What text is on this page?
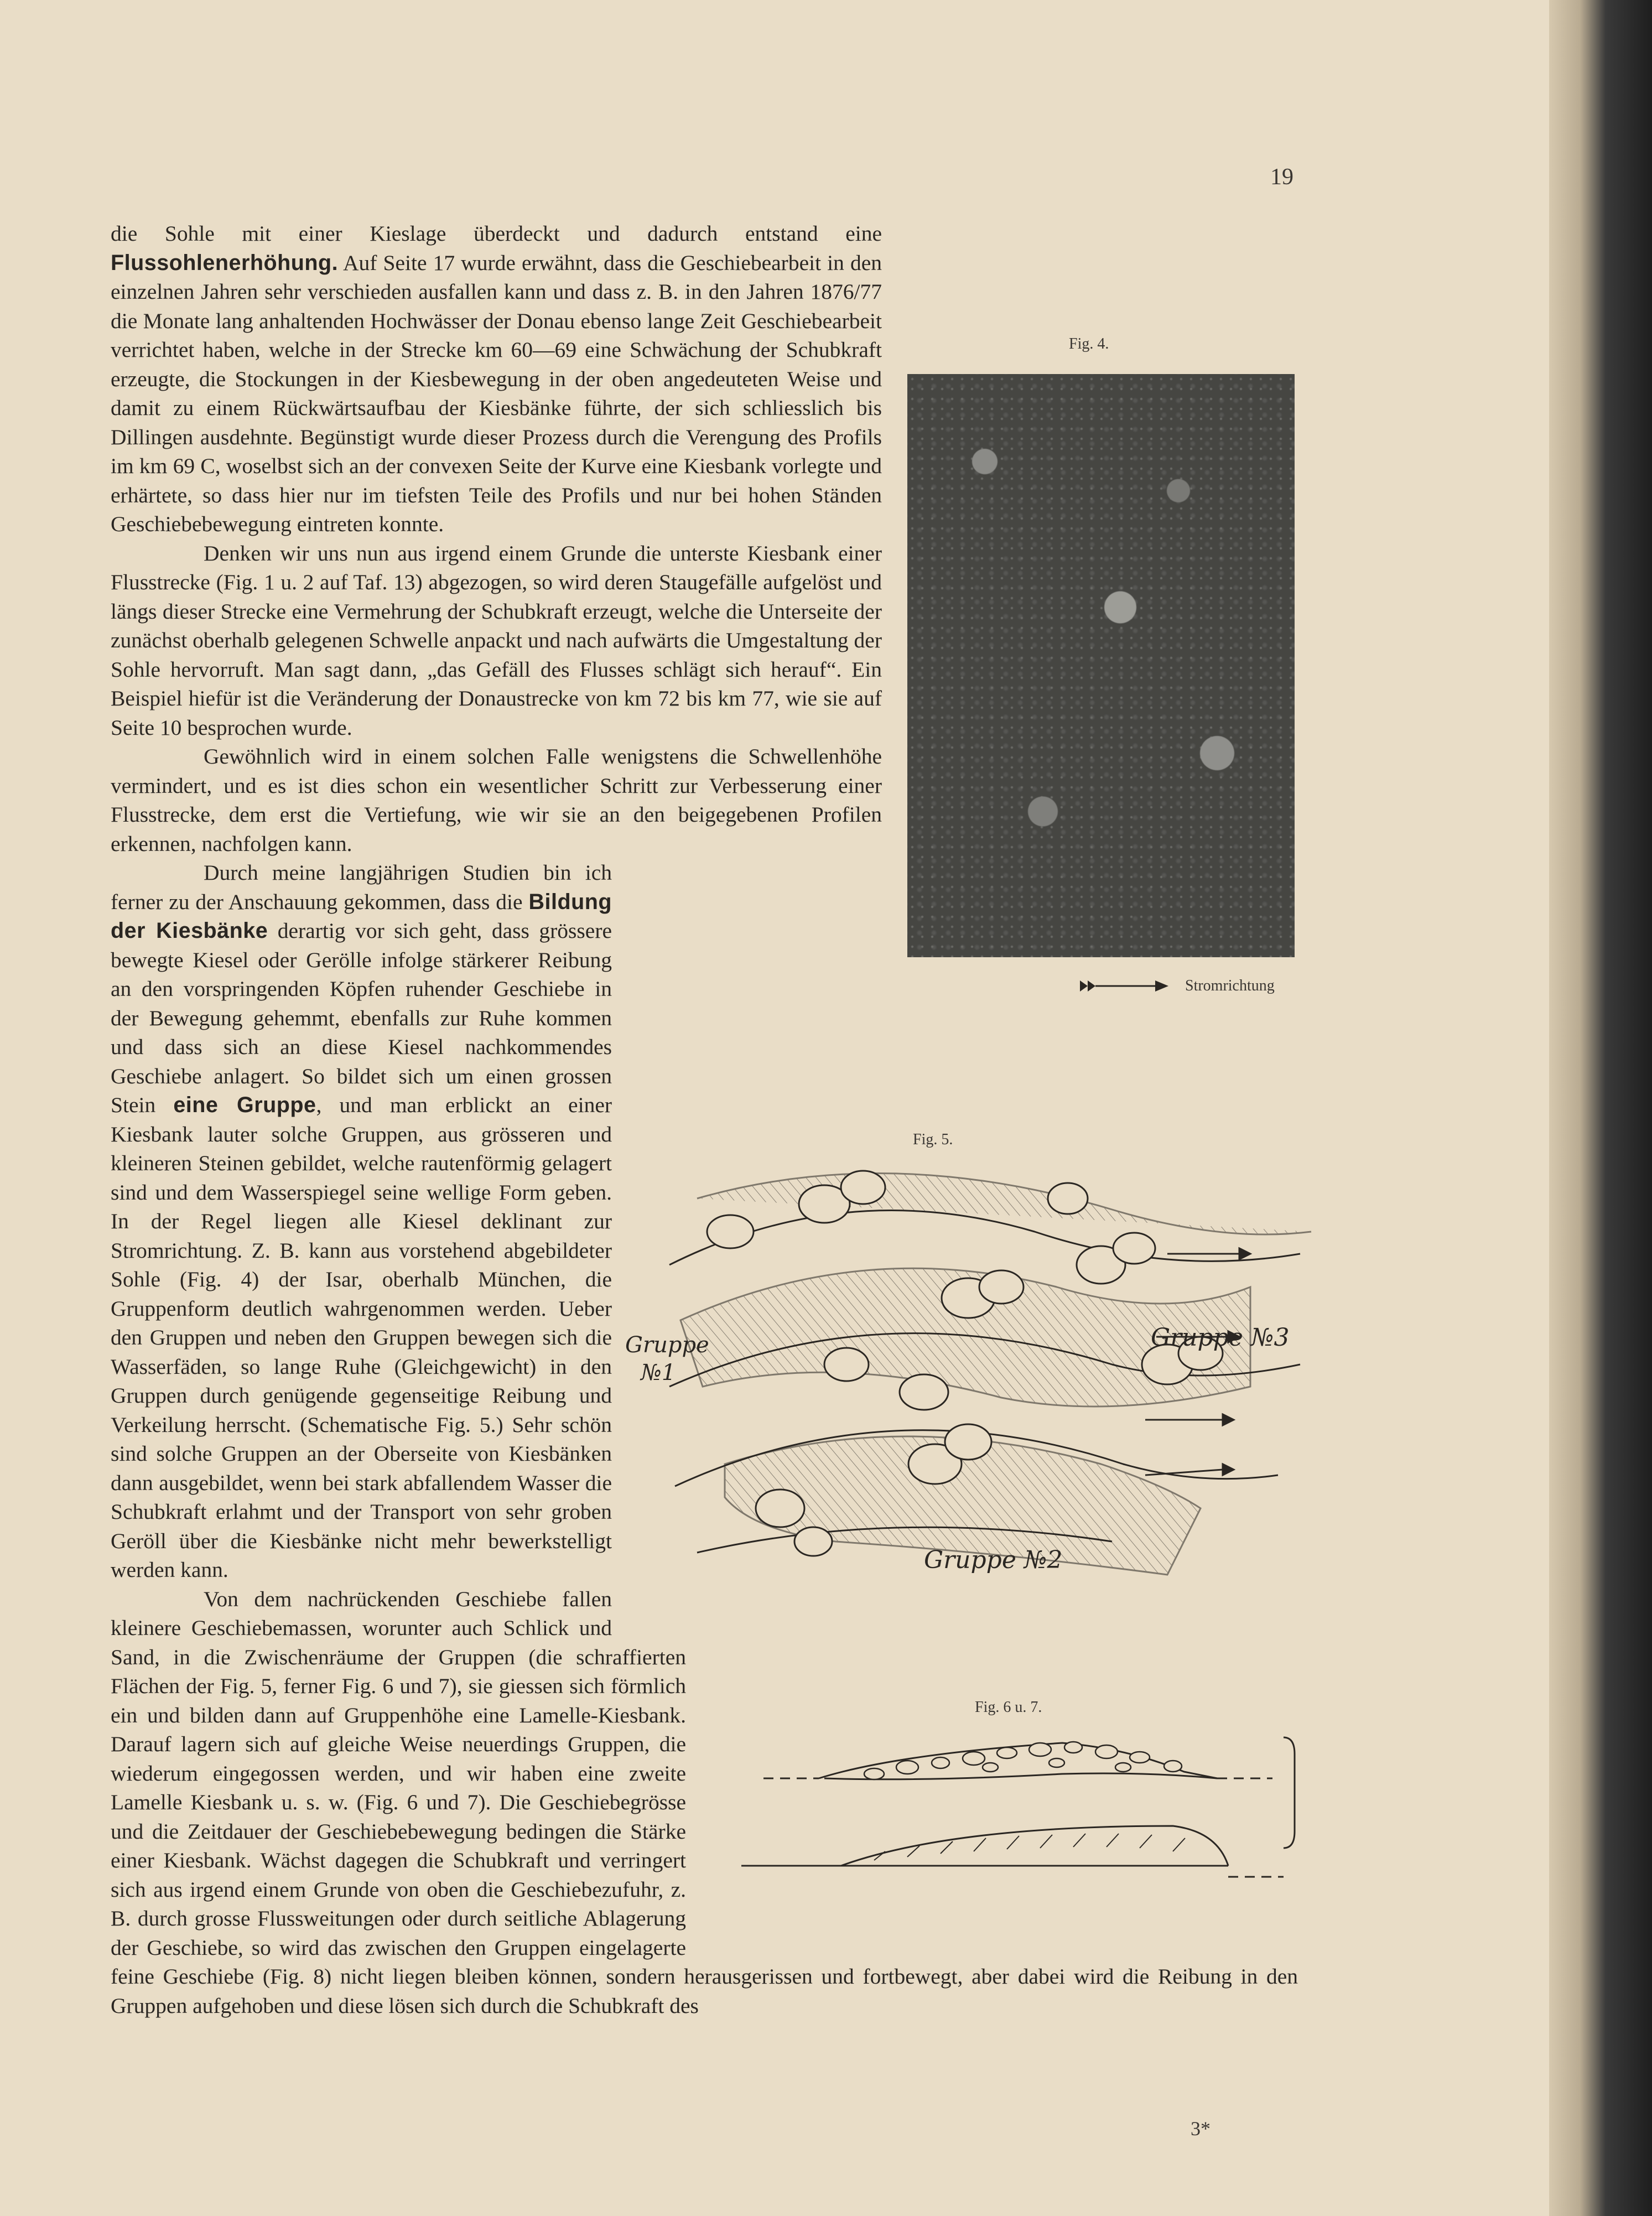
19
Fig. 4.
Stromrichtung
Fig. 5.
Gruppe
№1
Gruppe №3
Gruppe №2
Fig. 6 u. 7.

die Sohle mit einer Kieslage überdeckt und dadurch entstand eine Flussohlenerhöhung. Auf Seite 17 wurde erwähnt, dass die Geschiebearbeit in den einzelnen Jahren sehr verschieden ausfallen kann und dass z. B. in den Jahren 1876/77 die Monate lang anhaltenden Hochwässer der Donau ebenso lange Zeit Geschiebearbeit verrichtet haben, welche in der Strecke km 60—69 eine Schwächung der Schubkraft erzeugte, die Stockungen in der Kiesbewegung in der oben angedeuteten Weise und damit zu einem Rückwärtsaufbau der Kiesbänke führte, der sich schliesslich bis Dillingen ausdehnte. Begünstigt wurde dieser Prozess durch die Verengung des Profils im km 69 C, woselbst sich an der convexen Seite der Kurve eine Kiesbank vorlegte und erhärtete, so dass hier nur im tiefsten Teile des Profils und nur bei hohen Ständen Geschiebebewegung eintreten konnte.

Denken wir uns nun aus irgend einem Grunde die unterste Kiesbank einer Flusstrecke (Fig. 1 u. 2 auf Taf. 13) abgezogen, so wird deren Staugefälle aufgelöst und längs dieser Strecke eine Vermehrung der Schubkraft erzeugt, welche die Unterseite der zunächst oberhalb gelegenen Schwelle anpackt und nach aufwärts die Umgestaltung der Sohle hervorruft. Man sagt dann, „das Gefäll des Flusses schlägt sich herauf“. Ein Beispiel hiefür ist die Veränderung der Donaustrecke von km 72 bis km 77, wie sie auf Seite 10 besprochen wurde.

Gewöhnlich wird in einem solchen Falle wenigstens die Schwellenhöhe vermindert, und es ist dies schon ein wesentlicher Schritt zur Verbesserung einer Flusstrecke, dem erst die Vertiefung, wie wir sie an den beigegebenen Profilen erkennen, nachfolgen kann.

Durch meine langjährigen Studien bin ich ferner zu der Anschauung gekommen, dass die Bildung der Kiesbänke derartig vor sich geht, dass grössere bewegte Kiesel oder Gerölle infolge stärkerer Reibung an den vorspringenden Köpfen ruhender Geschiebe in der Bewegung gehemmt, ebenfalls zur Ruhe kommen und dass sich an diese Kiesel nachkommendes Geschiebe anlagert. So bildet sich um einen grossen Stein eine Gruppe, und man erblickt an einer Kiesbank lauter solche Gruppen, aus grösseren und kleineren Steinen gebildet, welche rautenförmig gelagert sind und dem Wasserspiegel seine wellige Form geben. In der Regel liegen alle Kiesel deklinant zur Stromrichtung. Z. B. kann aus vorstehend abgebildeter Sohle (Fig. 4) der Isar, oberhalb München, die Gruppenform deutlich wahrgenommen werden. Ueber den Gruppen und neben den Gruppen bewegen sich die Wasserfäden, so lange Ruhe (Gleichgewicht) in den Gruppen durch genügende gegenseitige Reibung und Verkeilung herrscht. (Schematische Fig. 5.) Sehr schön sind solche Gruppen an der Oberseite von Kiesbänken dann ausgebildet, wenn bei stark abfallendem Wasser die Schubkraft erlahmt und der Transport von sehr groben Geröll über die Kiesbänke nicht mehr bewerkstelligt werden kann.

Von dem nachrückenden Geschiebe fallen kleinere Geschiebemassen, worunter auch Schlick und Sand, in die Zwischenräume der Gruppen (die schraffierten Flächen der Fig. 5, ferner Fig. 6 und 7), sie giessen sich förmlich ein und bilden dann auf Gruppenhöhe eine Lamelle-Kiesbank. Darauf lagern sich auf gleiche Weise neuerdings Gruppen, die wiederum eingegossen werden, und wir haben eine zweite Lamelle Kiesbank u. s. w. (Fig. 6 und 7). Die Geschiebegrösse und die Zeitdauer der Geschiebebewegung bedingen die Stärke einer Kiesbank. Wächst dagegen die Schubkraft und verringert sich aus irgend einem Grunde von oben die Geschiebezufuhr, z. B. durch grosse Flussweitungen oder durch seitliche Ablagerung der Geschiebe, so wird das zwischen den Gruppen eingelagerte feine Geschiebe (Fig. 8) nicht liegen bleiben können, sondern herausgerissen und fortbewegt, aber dabei wird die Reibung in den Gruppen aufgehoben und diese lösen sich durch die Schubkraft des

3*
